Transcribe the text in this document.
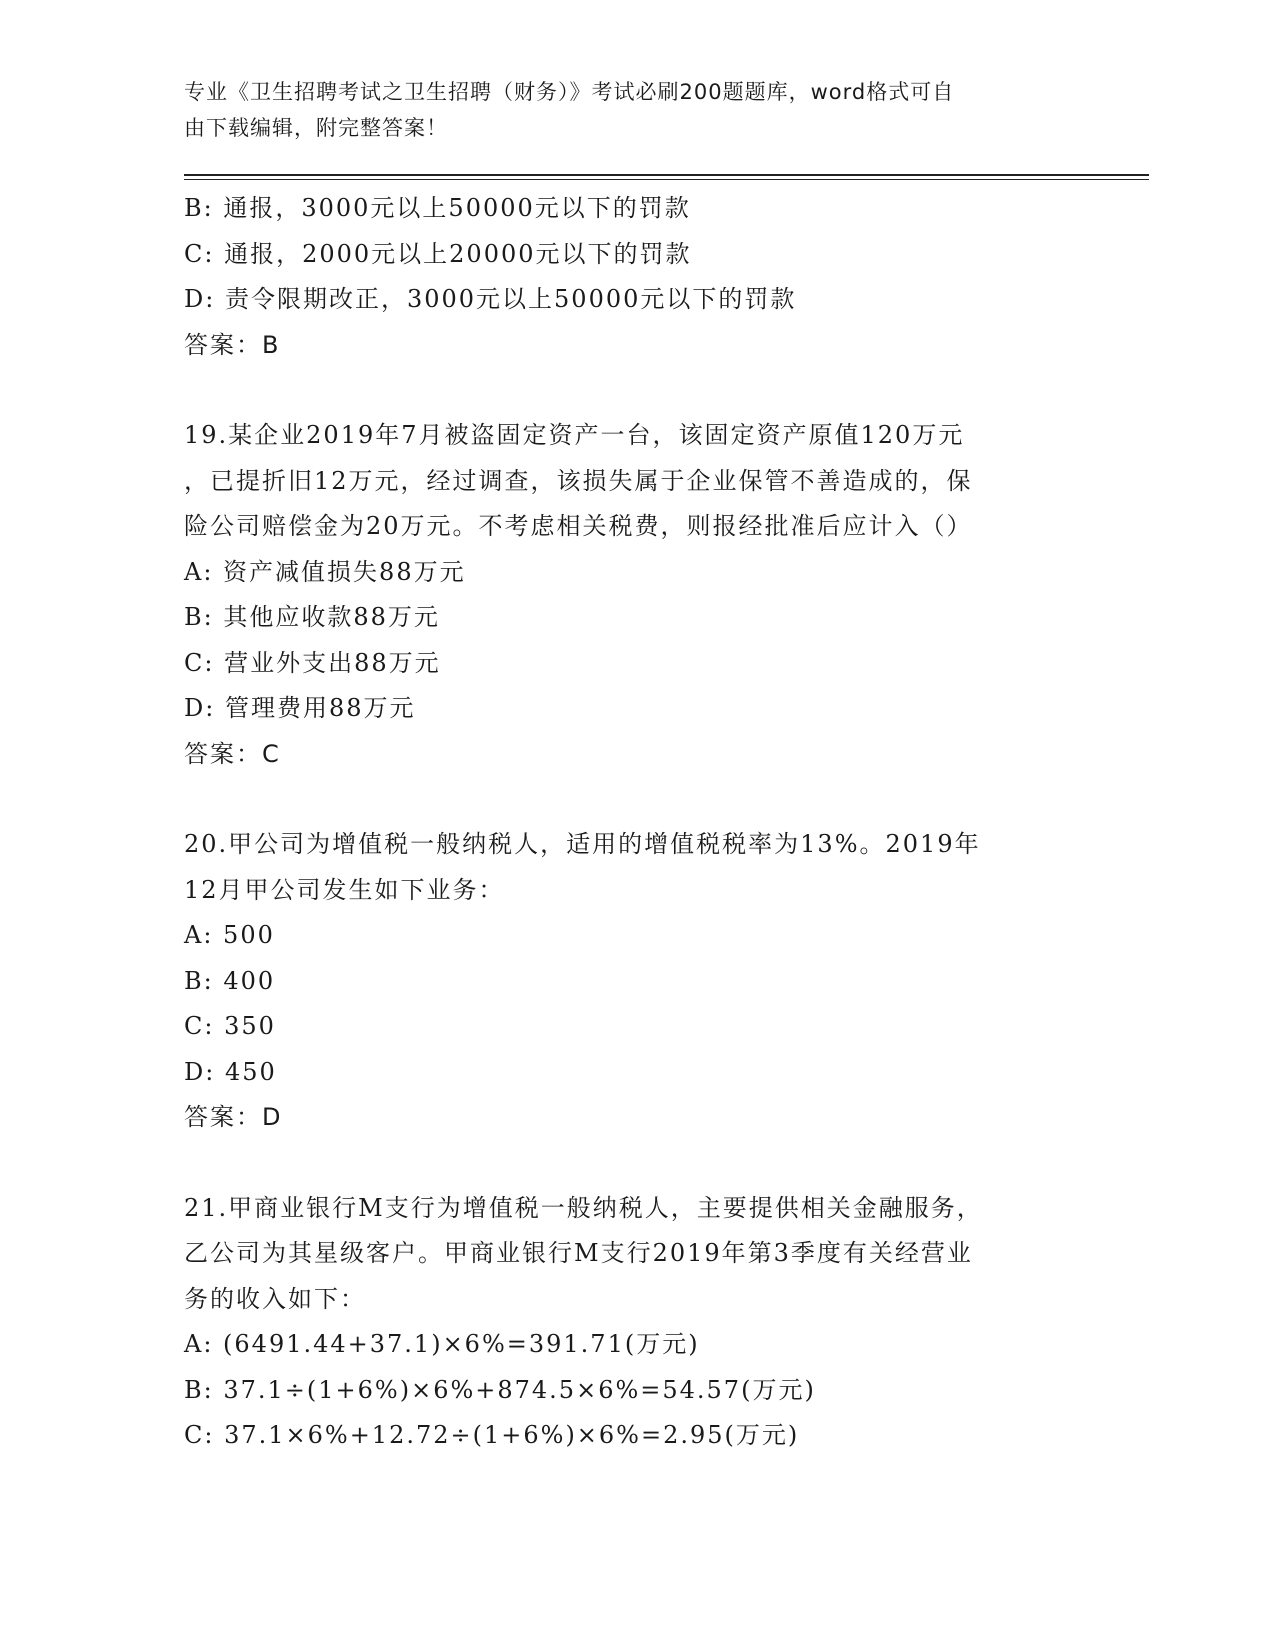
专业《卫生招聘考试之卫生招聘（财务）》考试必刷200题题库，word格式可自
由下载编辑，附完整答案！
B: 通报，3000元以上50000元以下的罚款
C: 通报，2000元以上20000元以下的罚款
D: 责令限期改正，3000元以上50000元以下的罚款
答案：B
19.某企业2019年7月被盗固定资产一台，该固定资产原值120万元
，已提折旧12万元，经过调查，该损失属于企业保管不善造成的，保
险公司赔偿金为20万元。不考虑相关税费，则报经批准后应计入（）
A: 资产减值损失88万元
B: 其他应收款88万元
C: 营业外支出88万元
D: 管理费用88万元
答案：C
20.甲公司为增值税一般纳税人，适用的增值税税率为13%。2019年
12月甲公司发生如下业务：
A: 500
B: 400
C: 350
D: 450
答案：D
21.甲商业银行M支行为增值税一般纳税人，主要提供相关金融服务，
乙公司为其星级客户。甲商业银行M支行2019年第3季度有关经营业
务的收入如下：
A: (6491.44+37.1)×6%=391.71(万元)
B: 37.1÷(1+6%)×6%+874.5×6%=54.57(万元)
C: 37.1×6%+12.72÷(1+6%)×6%=2.95(万元)
